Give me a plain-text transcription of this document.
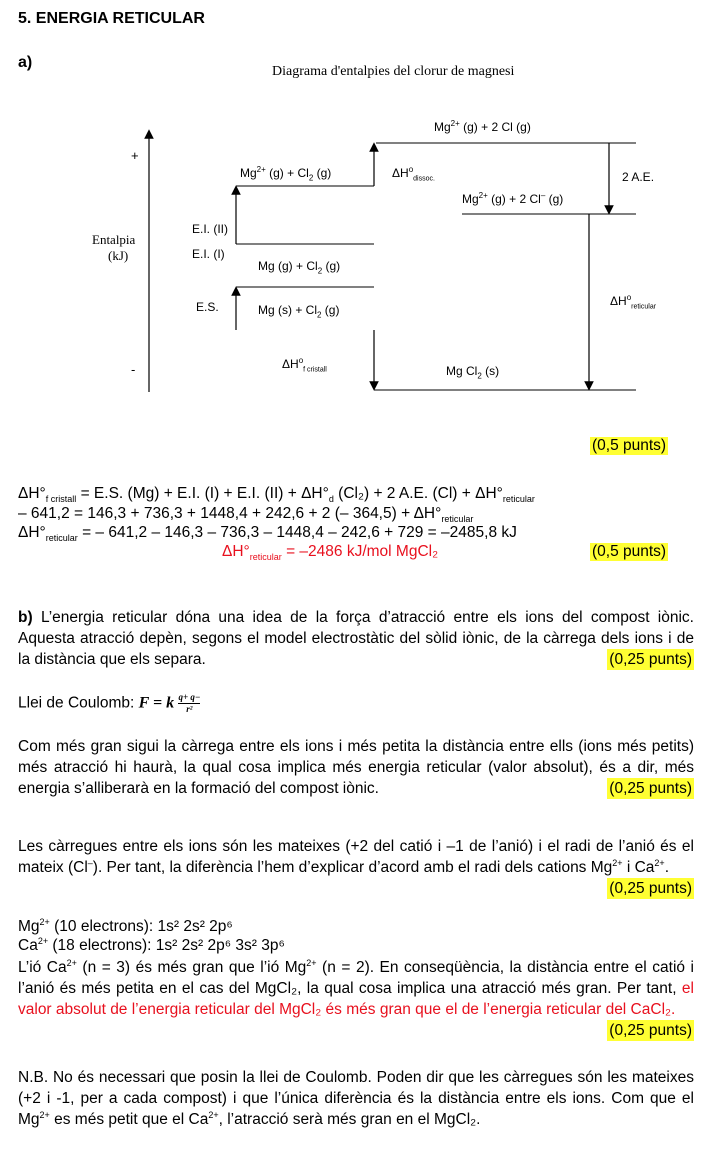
5. ENERGIA RETICULAR
a)
Diagrama d'entalpies del clorur de magnesi
+
-
Entalpia
(kJ)
$Mg^{2+}$ (g) + 2 Cl (g)
$Mg^{2+}$ $(g) + Cl_2$ (g)	$\Delta H^o_{dissoc.}$
$Mg^{2+}$ (g) + 2 Cl– (g)
2 A.E.
E.I. (II)
E.I. (I)
Mg $(g) + Cl_2$ (g)
E.S.	Mg $(s) + Cl_2$ (g)
$\Delta H^o_{reticular}$
$\Delta H^o_{f cristall}$	Mg $Cl_2$ (s)
(0,5 punts)
$\Delta H^\circ_{f cristall} = E.S$. (Mg) + E.I. (I) + E.I. $(II) + \Delta H^\circ_d$ (Cl₂) + 2 A.E. $(Cl) + \Delta H^\circ_{reticular}$
– 641,2 = 146,3 + 736,3 + 1448,4 + 242,6 + 2 (– $364,5) + \Delta H^\circ_{reticular}$
$\Delta H^\circ_{reticular}$ = – 641,2 – 146,3 – 736,3 – 1448,4 – 242,6 + 729 = –2485,8 kJ
$\Delta H^\circ_{reticular} = -2486$ kJ/mol MgCl₂	(0,5 punts)
b) L’energia reticular dóna una idea de la força d’atracció entre els ions del compost iònic. Aquesta atracció depèn, segons el model electrostàtic del sòlid iònic, de la càrrega dels ions i de la distància que els separa.	(0,25 punts)
Llei de Coulomb: F = k $\frac{q+ q-}{\text{r²}}$
Com més gran sigui la càrrega entre els ions i més petita la distància entre ells (ions més petits) més atracció hi haurà, la qual cosa implica més energia reticular (valor absolut), és a dir, més energia s’alliberarà en la formació del compost iònic.	(0,25 punts)
Les càrregues entre els ions són les mateixes (+2 del catió i –1 de l’anió) i el radi de l’anió és el mateix (Cl–). Per tant, la diferència l’hem d’explicar d’acord amb el radi dels cations $Mg^{2+}$ i $Ca^{2+}$.
(0,25 punts)
$Mg^{2+}$ (10 electrons): 1s² 2s² 2p⁶
$Ca^{2+}$ (18 electrons): 1s² 2s² 2p⁶ 3s² 3p⁶
L’ió $Ca^{2+}$ (n = 3) és més gran que l’ió $Mg^{2+}$ (n = 2). En conseqüència, la distància entre el catió i l’anió és més petita en el cas del MgCl₂, la qual cosa implica una atracció més gran. Per tant, el valor absolut de l’energia reticular del MgCl₂ és més gran que el de l’energia reticular del CaCl₂.
(0,25 punts)
N.B. No és necessari que posin la llei de Coulomb. Poden dir que les càrregues són les mateixes (+2 i -1, per a cada compost) i que l’única diferència és la distància entre els ions. Com que el $Mg^{2+}$ es més petit que el $Ca^{2+}$, l’atracció serà més gran en el MgCl₂.
